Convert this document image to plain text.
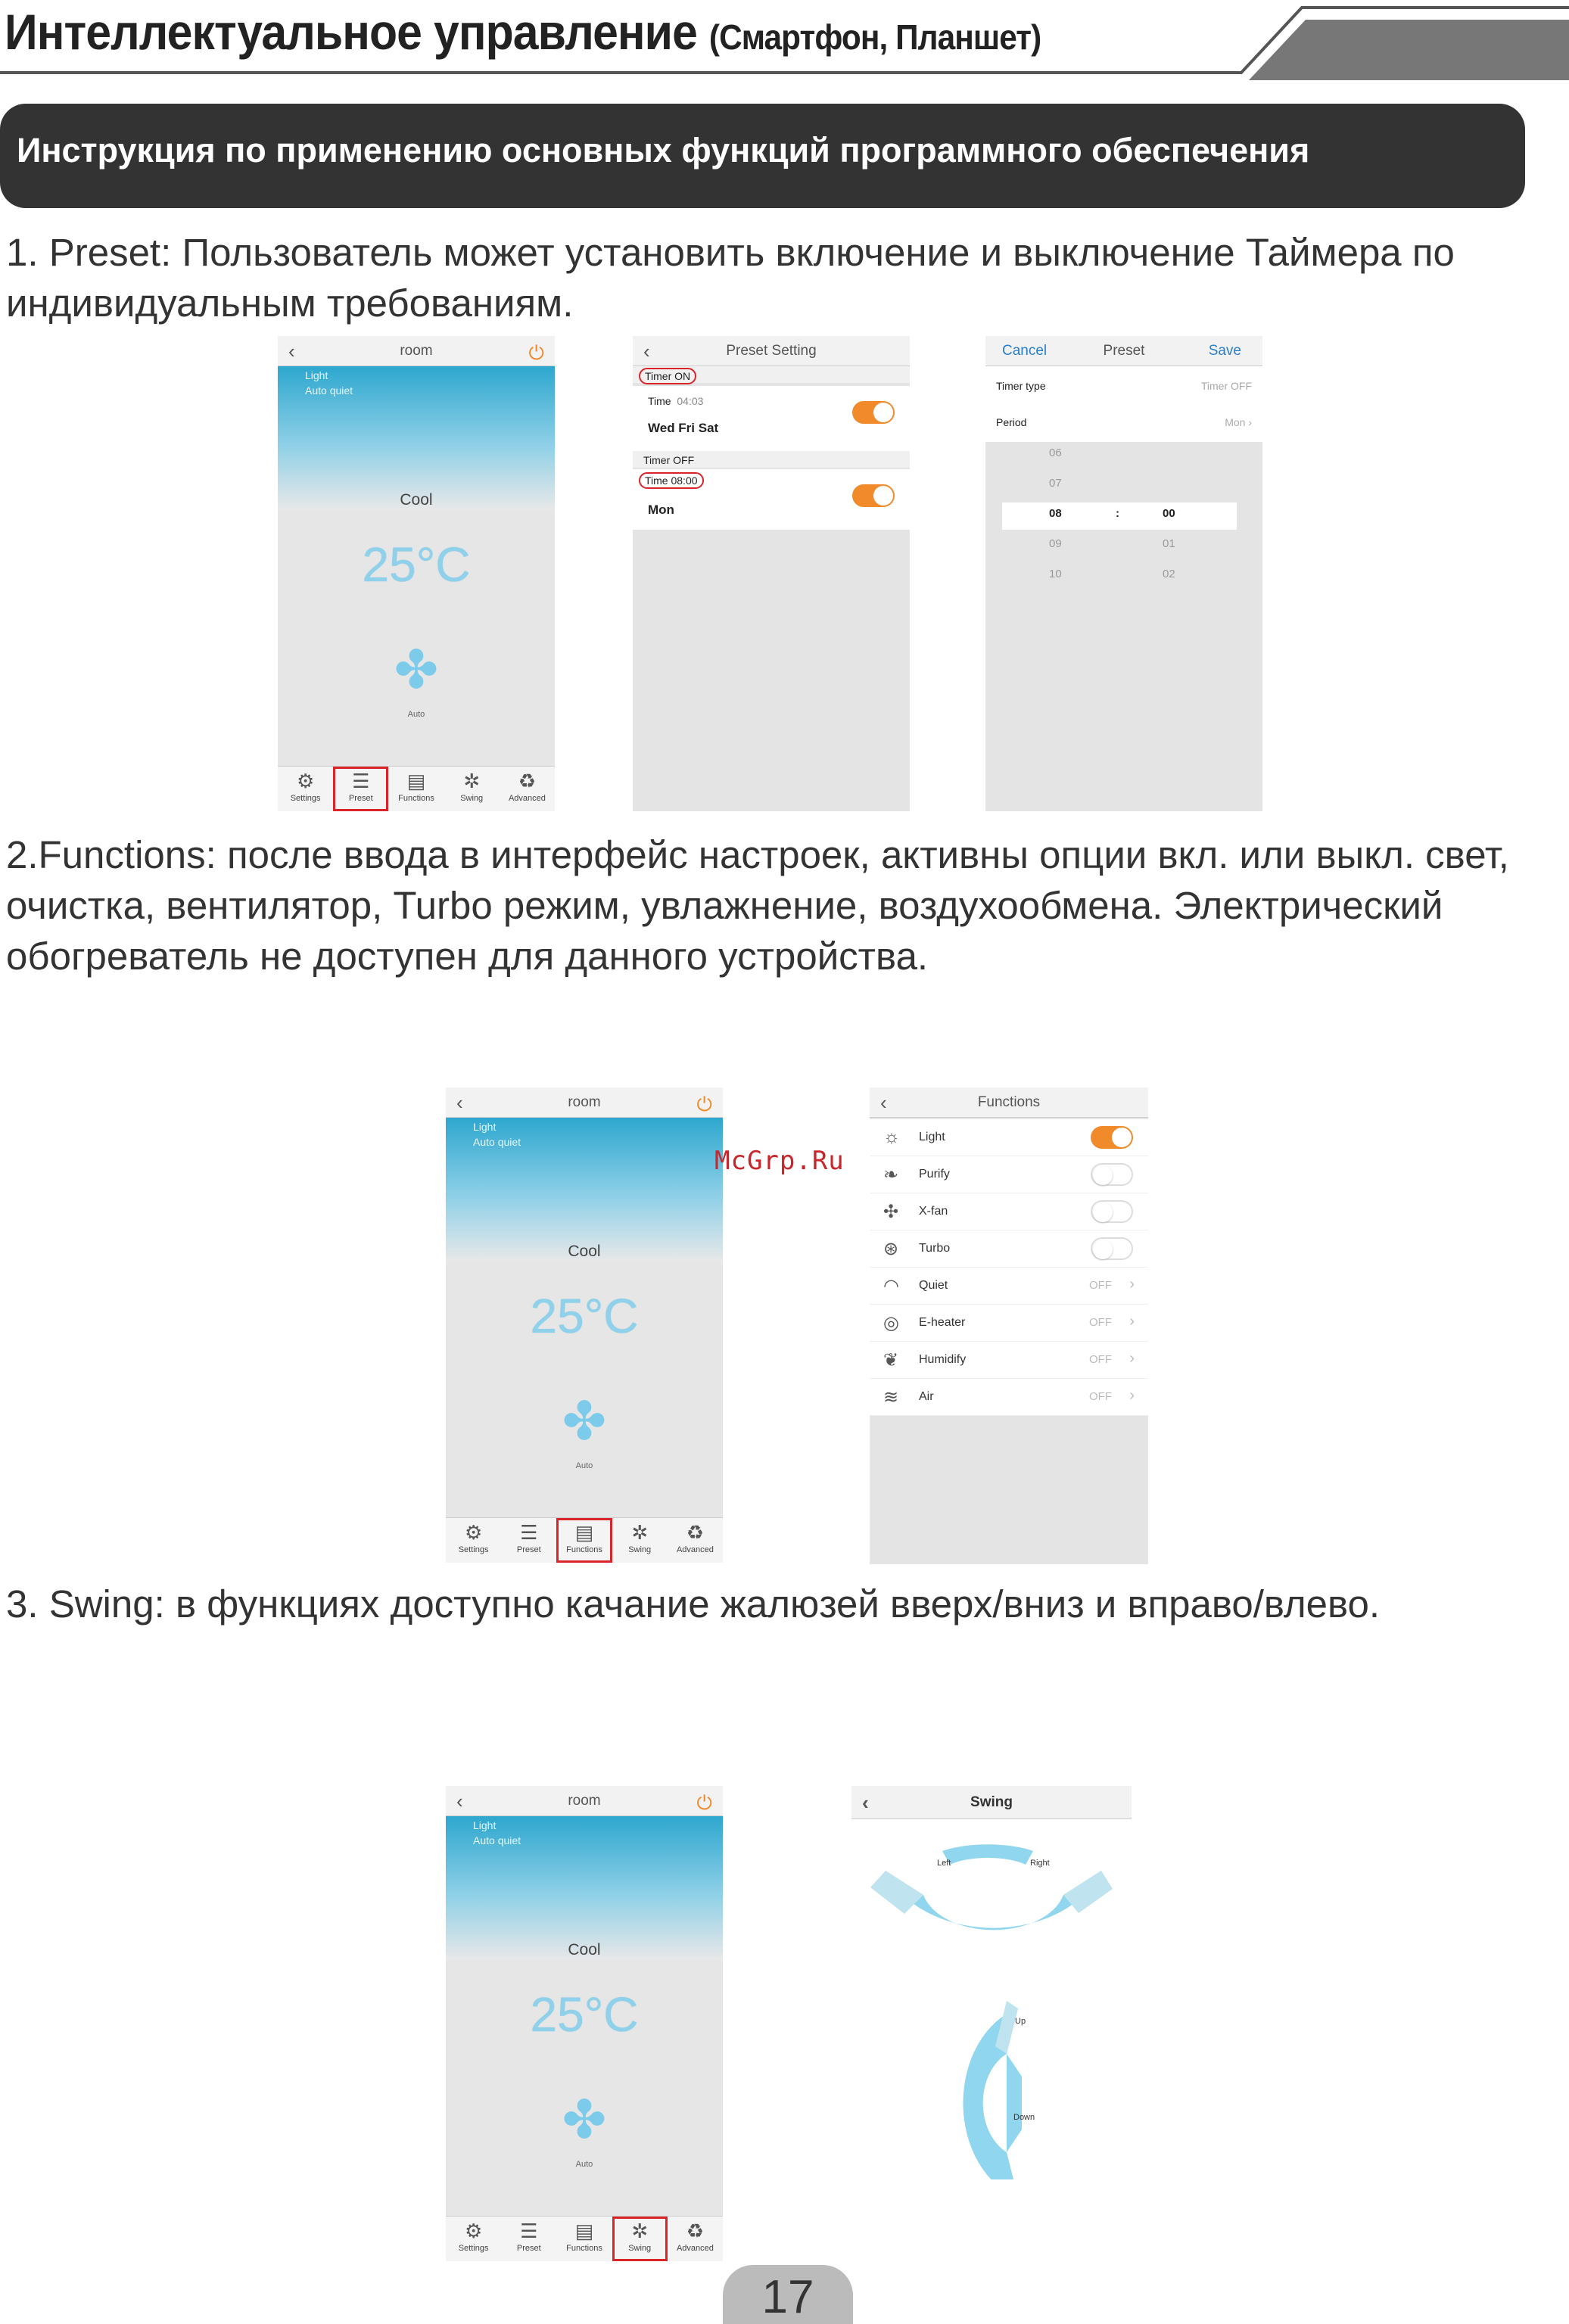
Интеллектуальное управление (Смартфон, Планшет)
Инструкция по применению основных функций программного обеспечения
1. Preset: Пользователь может установить включение и выключение Таймера по индивидуальным требованиям.
‹	room	⏻
Light
Auto quiet
Cool
25°C
✤
Auto
⚙
Settings
☰
Preset
▤
Functions
✲
Swing
♻
Advanced
‹	Preset Setting
Timer ON
Time 04:03
Wed Fri Sat
Timer OFF
Time 08:00
Mon
Cancel	Preset	Save
Timer type	Timer OFF
Period	Mon ›
06
07
08	:	00
09	01
10	02
2.Functions: после ввода в интерфейс настроек, активны опции вкл. или выкл. свет, очистка, вентилятор, Turbo режим, увлажнение, воздухообмена. Электрический обогреватель не доступен для данного устройства.
‹	room	⏻
Light
Auto quiet
Cool
25°C
✤
Auto
⚙
Settings
☰
Preset
▤
Functions
✲
Swing
♻
Advanced
McGrp.Ru
‹	Functions
☼ Light
❧ Purify
✣ X-fan
⊛ Turbo
◠ Quiet	OFF ›
◎ E-heater	OFF ›
❦ Humidify	OFF ›
≋ Air	OFF ›
3. Swing: в функциях доступно качание жалюзей вверх/вниз и вправо/влево.
‹	room	⏻
Light
Auto quiet
Cool
25°C
✤
Auto
⚙
Settings
☰
Preset
▤
Functions
✲
Swing
♻
Advanced
‹	Swing
Left	Right
Up
Down
17
